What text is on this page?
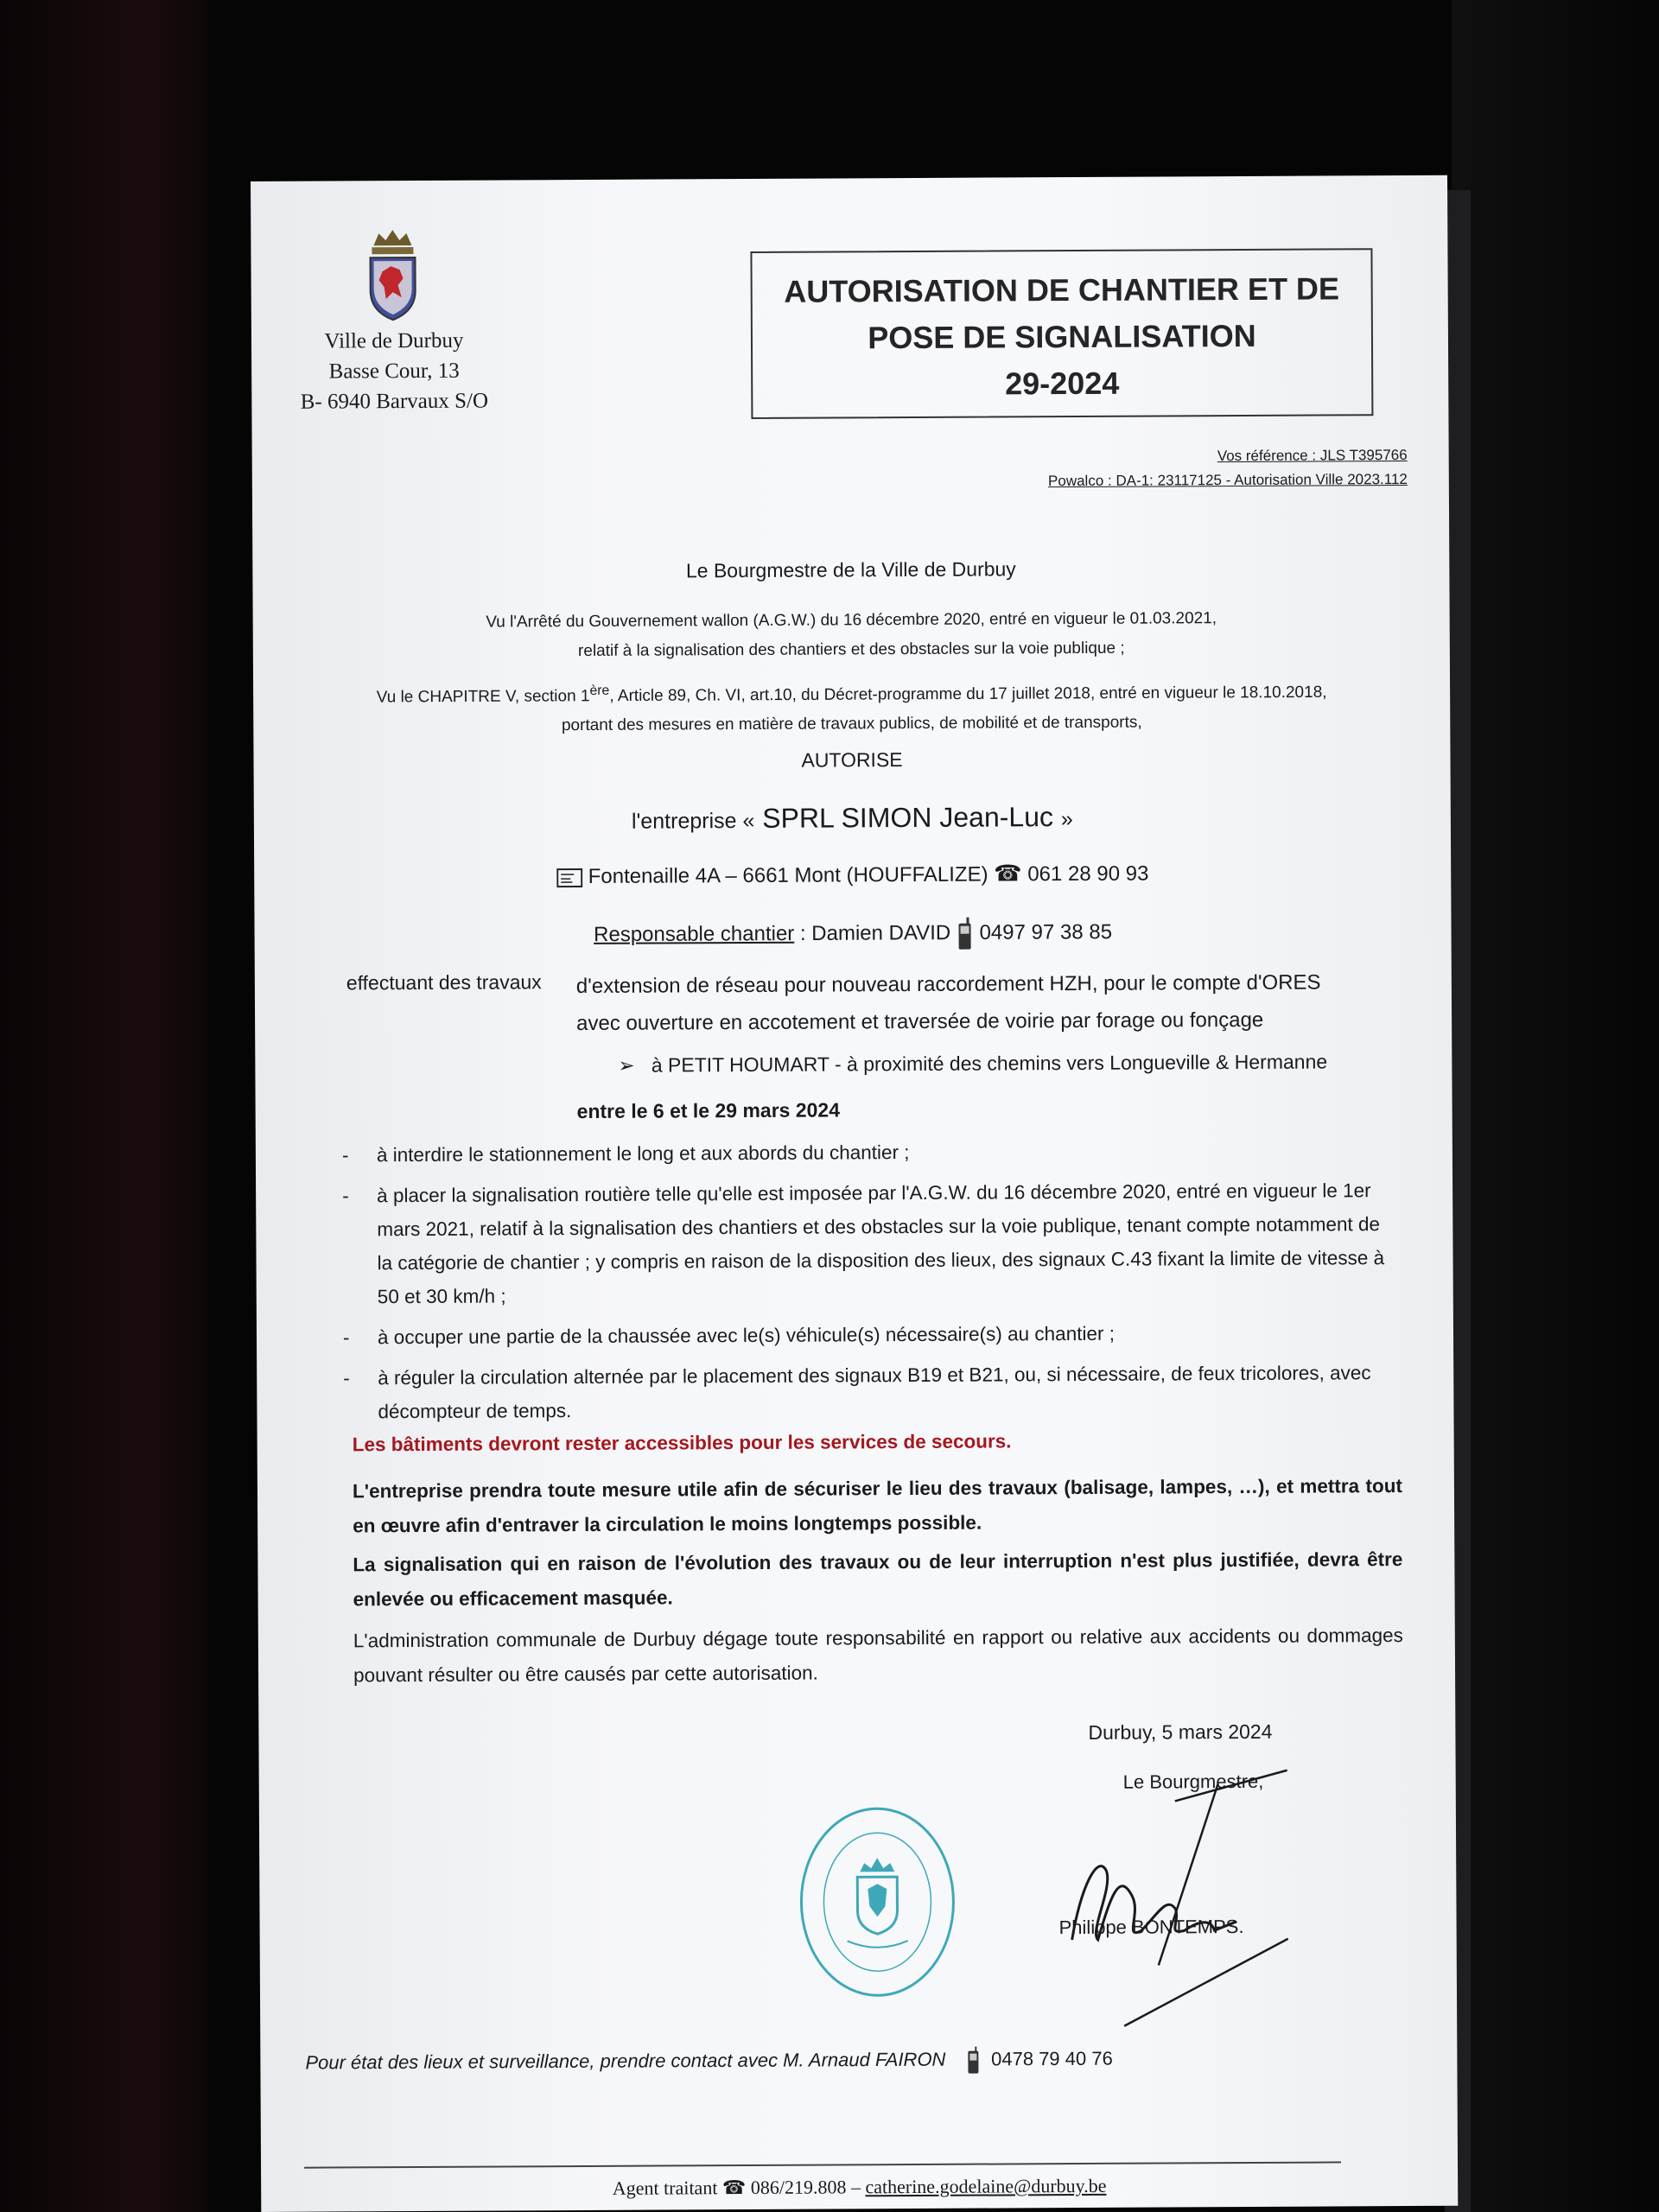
Ville de Durbuy
Basse Cour, 13
B- 6940 Barvaux S/O
AUTORISATION DE CHANTIER ET DE
POSE DE SIGNALISATION
29-2024
Vos référence : JLS T395766
Powalco : DA-1: 23117125 - Autorisation Ville 2023.112
Le Bourgmestre de la Ville de Durbuy
Vu l'Arrêté du Gouvernement wallon (A.G.W.) du 16 décembre 2020, entré en vigueur le 01.03.2021,
relatif à la signalisation des chantiers et des obstacles sur la voie publique ;
Vu le CHAPITRE V, section 1ère, Article 89, Ch. VI, art.10, du Décret-programme du 17 juillet 2018, entré en vigueur le 18.10.2018,
portant des mesures en matière de travaux publics, de mobilité et de transports,
AUTORISE
l'entreprise « SPRL SIMON Jean-Luc »
Fontenaille 4A – 6661 Mont (HOUFFALIZE) ☎ 061 28 90 93
Responsable chantier : Damien DAVID 0497 97 38 85
effectuant des travaux d'extension de réseau pour nouveau raccordement HZH, pour le compte d'ORES
avec ouverture en accotement et traversée de voirie par forage ou fonçage
➢ à PETIT HOUMART - à proximité des chemins vers Longueville & Hermanne
entre le 6 et le 29 mars 2024
- à interdire le stationnement le long et aux abords du chantier ;
- à placer la signalisation routière telle qu'elle est imposée par l'A.G.W. du 16 décembre 2020, entré en vigueur le 1er mars 2021, relatif à la signalisation des chantiers et des obstacles sur la voie publique, tenant compte notamment de la catégorie de chantier ; y compris en raison de la disposition des lieux, des signaux C.43 fixant la limite de vitesse à 50 et 30 km/h ;
- à occuper une partie de la chaussée avec le(s) véhicule(s) nécessaire(s) au chantier ;
- à réguler la circulation alternée par le placement des signaux B19 et B21, ou, si nécessaire, de feux tricolores, avec décompteur de temps.
Les bâtiments devront rester accessibles pour les services de secours.
L'entreprise prendra toute mesure utile afin de sécuriser le lieu des travaux (balisage, lampes, …), et mettra tout en œuvre afin d'entraver la circulation le moins longtemps possible.
La signalisation qui en raison de l'évolution des travaux ou de leur interruption n'est plus justifiée, devra être enlevée ou efficacement masquée.
L'administration communale de Durbuy dégage toute responsabilité en rapport ou relative aux accidents ou dommages pouvant résulter ou être causés par cette autorisation.
Durbuy, 5 mars 2024
Le Bourgmestre,
Philippe BONTEMPS.
Pour état des lieux et surveillance, prendre contact avec M. Arnaud FAIRON 0478 79 40 76
Agent traitant ☎ 086/219.808 – catherine.godelaine@durbuy.be
